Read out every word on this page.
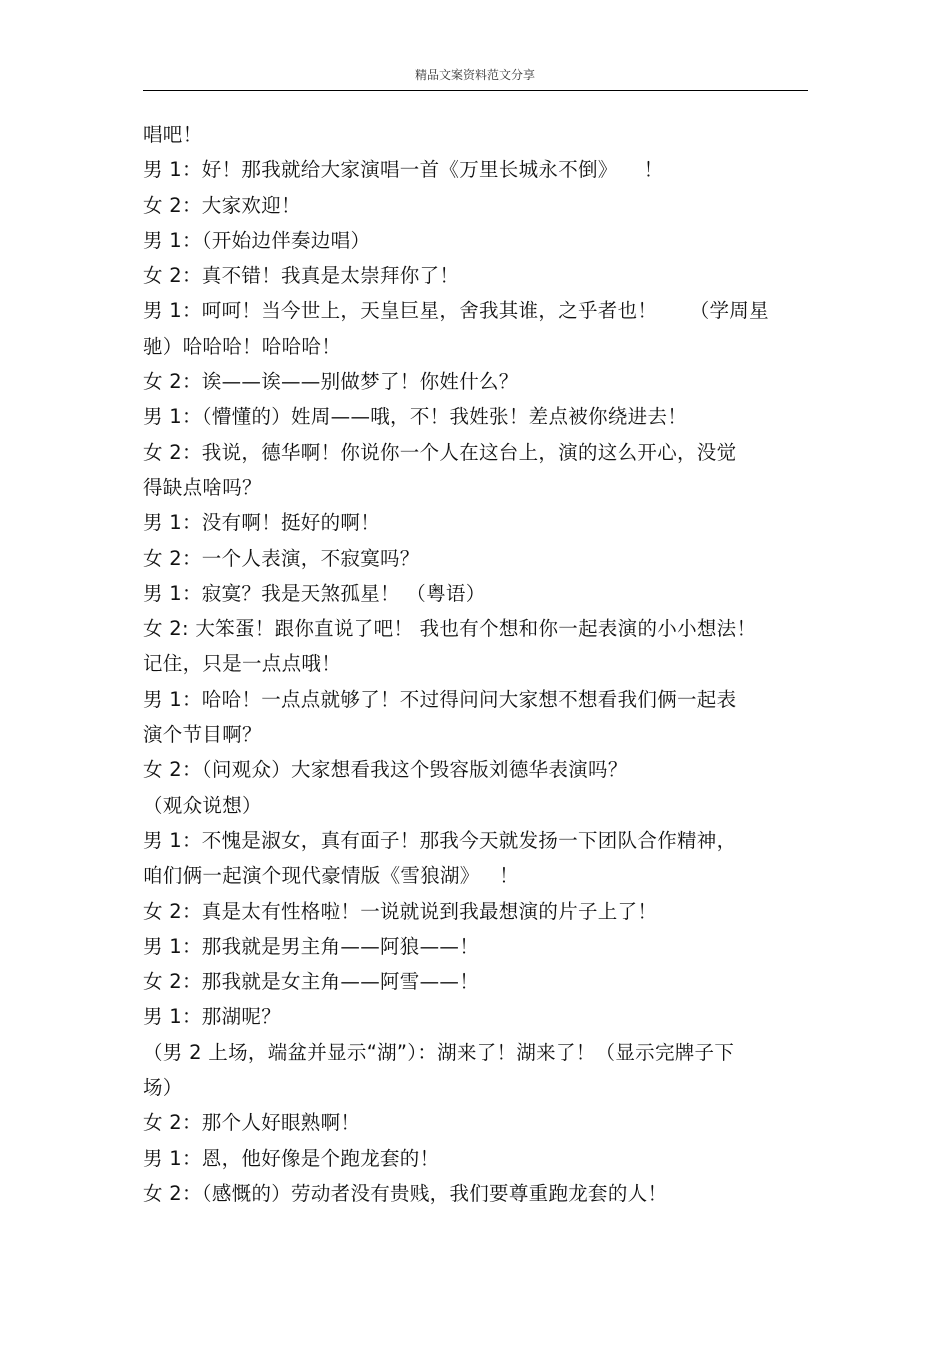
精品文案资料范文分享
唱吧！
男 1：好！那我就给大家演唱一首《万里长城永不倒》    ！
女 2：大家欢迎！
男 1：（开始边伴奏边唱）
女 2：真不错！我真是太崇拜你了！
男 1：呵呵！当今世上，天皇巨星，舍我其谁，之乎者也！     （学周星
驰）哈哈哈！哈哈哈！
女 2：诶——诶——别做梦了！你姓什么？
男 1：（懵懂的）姓周——哦，不！我姓张！差点被你绕进去！
女 2：我说，德华啊！你说你一个人在这台上，演的这么开心，没觉
得缺点啥吗？
男 1：没有啊！挺好的啊！
女 2：一个人表演，不寂寞吗？
男 1：寂寞？我是天煞孤星！ （粤语）
女 2: 大笨蛋！跟你直说了吧！ 我也有个想和你一起表演的小小想法！
记住，只是一点点哦！
男 1：哈哈！一点点就够了！不过得问问大家想不想看我们俩一起表
演个节目啊？
女 2：（问观众）大家想看我这个毁容版刘德华表演吗？
（观众说想）
男 1：不愧是淑女，真有面子！那我今天就发扬一下团队合作精神，
咱们俩一起演个现代豪情版《雪狼湖》   ！
女 2：真是太有性格啦！一说就说到我最想演的片子上了！
男 1：那我就是男主角——阿狼——！
女 2：那我就是女主角——阿雪——！
男 1：那湖呢？
（男 2 上场，端盆并显示“湖”）：湖来了！湖来了！（显示完牌子下
场）
女 2：那个人好眼熟啊！
男 1：恩，他好像是个跑龙套的！
女 2：（感慨的）劳动者没有贵贱，我们要尊重跑龙套的人！
